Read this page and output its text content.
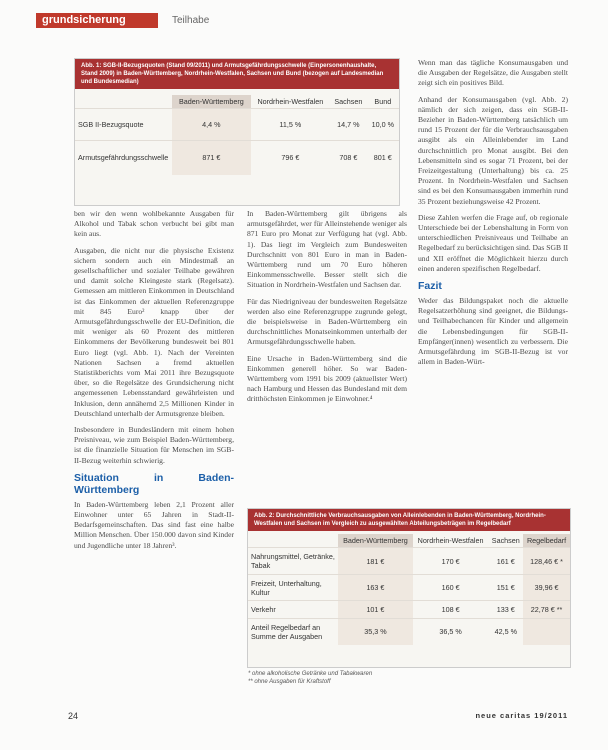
grundsicherung	Teilhabe
Abb. 1: SGB-II-Bezugsquoten (Stand 09/2011) und Armutsgefährdungsschwelle (Einpersonenhaushalte, Stand 2009) in Baden-Württemberg, Nordrhein-Westfalen, Sachsen und Bund (bezogen auf Landesmedian und Bundesmedian)
	Baden-Württemberg	Nordrhein-Westfalen	Sachsen	Bund
SGB II-Bezugsquote	4,4 %	11,5 %	14,7 %	10,0 %
Armutsgefährdungsschwelle	871 €	796 €	708 €	801 €

ben wir den wenn wohlbekannte Ausgaben für Alkohol und Tabak schon verbucht bei gibt man kein aus.

Ausgaben, die nicht nur die physische Existenz sichern sondern auch ein Mindestmaß an gesellschaftlicher und sozialer Teilhabe gewähren und damit solche Kleingeste stark (Regelsatz). Gemessen am mittleren Einkommen in Deutschland ist das Einkommen der aktuellen Referenzgruppe mit 845 Euro² knapp über der Armutsgefährdungsschwelle der EU-Definition, die mit weniger als 60 Prozent des mittleren Einkommens der Bevölkerung bundesweit bei 801 Euro liegt (vgl. Abb. 1). Nach der Vereinten Nationen Sachsen a fremd aktuellen Statistikberichts vom Mai 2011 ihre Bezugsquote über, so die Regelsätze des Grundsicherung nicht angemessenen Lebensstandard gewährleisten und Inklusion, denn annähernd 2,5 Millionen Kinder in Deutschland unterhalb der Armutsgrenze bleiben.

Insbesondere in Bundesländern mit einem hohen Preisniveau, wie zum Beispiel Baden-Württemberg, ist die finanzielle Situation für Menschen im SGB-II-Bezug weiterhin schwierig.

Situation in Baden-Württemberg

In Baden-Württemberg leben 2,1 Prozent aller Einwohner unter 65 Jahren in Stadt-II-Bedarfsgemeinschaften. Das sind fast eine halbe Million Menschen. Über 150.000 davon sind Kinder und Jugendliche unter 18 Jahren³.

In Baden-Württemberg gilt übrigens als armutsgefährdet, wer für Alleinstehende weniger als 871 Euro pro Monat zur Verfügung hat (vgl. Abb. 1). Das liegt im Vergleich zum Bundesweiten Durchschnitt von 801 Euro in man in Baden-Württemberg rund um 70 Euro höheren Einkommensschwelle. Besser stellt sich die Situation in Nordrhein-Westfalen und Sachsen dar.

Für das Niedrigniveau der bundesweiten Regelsätze werden also eine Referenzgruppe zugrunde gelegt, die beispielsweise in Baden-Württemberg ein durchschnittliches Monatseinkommen unterhalb der Armutsgefährdungsschwelle haben.

Eine Ursache in Baden-Württemberg sind die Einkommen generell höher. So war Baden-Württemberg vom 1991 bis 2009 (aktuellster Wert) nach Hamburg und Hessen das Bundesland mit dem dritthöchsten Einkommen je Einwohner.⁴

Wenn man das tägliche Konsumausgaben und die Ausgaben der Regelsätze, die Ausgaben stellt zeigt sich ein positives Bild.

Anhand der Konsumausgaben (vgl. Abb. 2) nämlich der sich zeigen, dass ein SGB-II-Bezieher in Baden-Württemberg tatsächlich um rund 15 Prozent der für die Verbrauchsausgaben ausgibt als ein Alleinlebender im Land durchschnittlich pro Monat ausgibt. Bei den Lebensmitteln sind es sogar 71 Prozent, bei der Freizeitgestaltung (Unterhaltung) bis ca. 25 Prozent. In Nordrhein-Westfalen und Sachsen sind es bei den Konsumausgaben immerhin rund 35 Prozent beziehungsweise 42 Prozent.

Diese Zahlen werfen die Frage auf, ob regionale Unterschiede bei der Lebenshaltung in Form von unterschiedlichen Preisniveaus und Teilhabe an Regelbedarf zu berücksichtigen sind. Das SGB II und XII eröffnet die Möglichkeit hierzu durch einen anderen spezifischen Regelbedarf.

Fazit

Weder das Bildungspaket noch die aktuelle Regelsatzerhöhung sind geeignet, die Bildungs- und Teilhabechancen für Kinder und allgemein die Lebensbedingungen für SGB-II-Empfänger(innen) wesentlich zu verbessern. Die Armutsgefährdung im SGB-II-Bezug ist vor allem in Baden-Würt-

Abb. 2: Durchschnittliche Verbrauchsausgaben von Alleinlebenden in Baden-Württemberg, Nordrhein-Westfalen und Sachsen im Vergleich zu ausgewählten Abteilungsbeträgen im Regelbedarf
	Baden-Württemberg	Nordrhein-Westfalen	Sachsen	Regelbedarf
Nahrungsmittel, Getränke, Tabak	181 €	170 €	161 €	128,46 € *
Freizeit, Unterhaltung, Kultur	163 €	160 €	151 €	39,96 €
Verkehr	101 €	108 €	133 €	22,78 € **
Anteil Regelbedarf an Summe der Ausgaben	35,3 %	36,5 %	42,5 %	
* ohne alkoholische Getränke und Tabakwaren
** ohne Ausgaben für Kraftstoff
24	neue caritas 19/2011
